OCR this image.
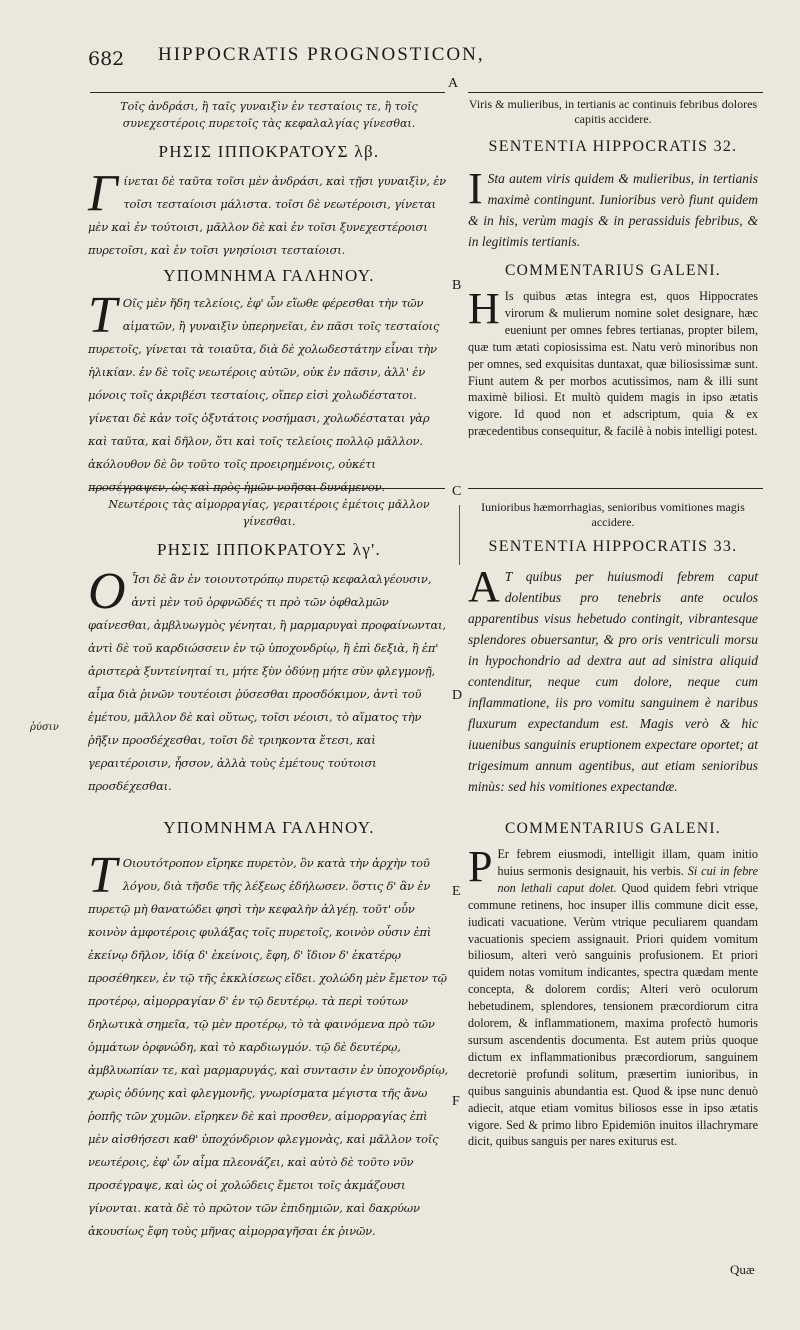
682 HIPPOCRATIS PROGNOSTICON,
A
B
C
D
E
F
ῥύσιν
Τοῖς ἀνδράσι, ἢ ταῖς γυναιξὶν ἐν τεσταίοις τε, ἢ τοῖς συνεχεστέροις πυρετοῖς τὰς κεφαλαλγίας γίνεσθαι.
ΡΗΣΙΣ ΙΠΠΟΚΡΑΤΟΥΣ λβ.
Γ ίνεται δὲ ταῦτα τοῖσι μὲν ἀνδράσι, καὶ τῇσι γυναιξὶν, ἐν τοῖσι τεσταίοισι μάλιστα. τοῖσι δὲ νεωτέροισι, γίνεται μὲν καὶ ἐν τούτοισι, μᾶλλον δὲ καὶ ἐν τοῖσι ξυνεχεστέροισι πυρετοῖσι, καὶ ἐν τοῖσι γνησίοισι τεσταίοισι.
ΥΠΟΜΝΗΜΑ ΓΑΛΗΝΟΥ.
T Οῖς μὲν ἤδη τελείοις, ἐφ' ὧν εἴωθε φέρεσθαι τὴν τῶν αἱματῶν, ἢ γυναιξὶν ὑπερηνεῖαι, ἐν πᾶσι τοῖς τεσταίοις πυρετοῖς, γίνεται τὰ τοιαῦτα, διὰ δὲ χολωδεστάτην εἶναι τὴν ἡλικίαν. ἐν δὲ τοῖς νεωτέροις αὐτῶν, οὐκ ἐν πᾶσιν, ἀλλ' ἐν μόνοις τοῖς ἀκριβέσι τεσταίοις, οἵπερ εἰσὶ χολωδέστατοι. γίνεται δὲ κἀν τοῖς ὀξυτάτοις νοσήμασι, χολωδέσταται γὰρ καὶ ταῦτα, καὶ δῆλον, ὅτι καὶ τοῖς τελείοις πολλῷ μᾶλλον. ἀκόλουθον δὲ ὂν τοῦτο τοῖς προειρημένοις, οὐκέτι προσέγραψεν, ὡς καὶ πρὸς ἡμῶν νοῆσαι δυνάμενον.
Νεωτέροις τὰς αἱμορραγίας, γεραιτέροις ἐμέτοις μᾶλλον γίνεσθαι.
ΡΗΣΙΣ ΙΠΠΟΚΡΑΤΟΥΣ λγ'.
O Ἷσι δὲ ἂν ἐν τοιουτοτρόπῳ πυρετῷ κεφαλαλγέουσιν, ἀντὶ μὲν τοῦ ὀρφνῶδές τι πρὸ τῶν ὀφθαλμῶν φαίνεσθαι, ἀμβλυωγμὸς γένηται, ἢ μαρμαρυγαὶ προφαίνωνται, ἀντὶ δὲ τοῦ καρδιώσσειν ἐν τῷ ὑποχονδρίῳ, ἢ ἐπὶ δεξιὰ, ἢ ἐπ' ἀριστερὰ ξυντείνηταί τι, μήτε ξὺν ὀδύνῃ μήτε σὺν φλεγμονῇ, αἷμα διὰ ῥινῶν τουτέοισι ῥύσεσθαι προσδόκιμον, ἀντὶ τοῦ ἐμέτου, μᾶλλον δὲ καὶ οὕτως, τοῖσι νέοισι, τὸ αἵματος τὴν ῥῆξιν προσδέχεσθαι, τοῖσι δὲ τριηκοντα ἔτεσι, καὶ γεραιτέροισιν, ἧσσον, ἀλλὰ τοὺς ἐμέτους τούτοισι προσδέχεσθαι.
ΥΠΟΜΝΗΜΑ ΓΑΛΗΝΟΥ.
T Οιουτότροπον εἴρηκε πυρετὸν, ὃν κατὰ τὴν ἀρχὴν τοῦ λόγου, διὰ τῆσδε τῆς λέξεως ἐδήλωσεν. ὅστις δ' ἂν ἐν πυρετῷ μὴ θανατώδει φησὶ τὴν κεφαλὴν ἀλγέῃ. τοῦτ' οὖν κοινὸν ἀμφοτέροις φυλάξας τοῖς πυρετοῖς, κοινὸν οὖσιν ἐπὶ ἐκείνῳ δῆλον, ἰδίᾳ δ' ἐκείνοις, ἔφη, δ' ἴδιον δ' ἑκατέρῳ προσέθηκεν, ἐν τῷ τῆς ἐκκλίσεως εἴδει. χολώδη μὲν ἔμετον τῷ προτέρῳ, αἱμορραγίαν δ' ἐν τῷ δευτέρῳ. τὰ περὶ τούτων δηλωτικὰ σημεῖα, τῷ μὲν προτέρῳ, τὸ τὰ φαινόμενα πρὸ τῶν ὀμμάτων ὀρφνώδη, καὶ τὸ καρδιωγμόν. τῷ δὲ δευτέρῳ, ἀμβλυωπίαν τε, καὶ μαρμαρυγάς, καὶ συντασιν ἐν ὑποχονδρίῳ, χωρὶς ὀδύνης καὶ φλεγμονῆς, γνωρίσματα μέγιστα τῆς ἄνω ῥοπῆς τῶν χυμῶν. εἴρηκεν δὲ καὶ προσθεν, αἱμορραγίας ἐπὶ μὲν αἰσθήσεσι καθ' ὑποχόνδριον φλεγμονὰς, καὶ μᾶλλον τοῖς νεωτέροις, ἐφ' ὧν αἷμα πλεονάζει, καὶ αὐτὸ δὲ τοῦτο νῦν προσέγραψε, καὶ ὡς οἱ χολώδεις ἔμετοι τοῖς ἀκμάζουσι γίνονται. κατὰ δὲ τὸ πρῶτον τῶν ἐπιδημιῶν, καὶ δακρύων ἀκουσίως ἔφη τοὺς μῆνας αἱμορραγῆσαι ἐκ ῥινῶν.
Viris & mulieribus, in tertianis ac continuis febribus dolores capitis accidere.
SENTENTIA HIPPOCRATIS 32.
I Sta autem viris quidem & mulieribus, in tertianis maximè contingunt. Iunioribus verò fiunt quidem & in his, verùm magis & in perassiduis febribus, & in legitimis tertianis.
COMMENTARIUS GALENI.
H Is quibus ætas integra est, quos Hippocrates virorum & mulierum nomine solet designare, hæc eueniunt per omnes febres tertianas, propter bilem, quæ tum ætati copiosissima est. Natu verò minoribus non per omnes, sed exquisitas duntaxat, quæ biliosissimæ sunt. Fiunt autem & per morbos acutissimos, nam & illi sunt maximè biliosi. Et multò quidem magis in ipso ætatis vigore. Id quod non et adscriptum, quia & ex præcedentibus consequitur, & facilè à nobis intelligi potest.
Iunioribus hæmorrhagias, senioribus vomitiones magis accidere.
SENTENTIA HIPPOCRATIS 33.
A T quibus per huiusmodi febrem caput dolentibus pro tenebris ante oculos apparentibus visus hebetudo contingit, vibrantesque splendores obuersantur, & pro oris ventriculi morsu in hypochondrio ad dextra aut ad sinistra aliquid contenditur, neque cum dolore, neque cum inflammatione, iis pro vomitu sanguinem è naribus fluxurum expectandum est. Magis verò & hic iuuenibus sanguinis eruptionem expectare oportet; at trigesimum annum agentibus, aut etiam senioribus minùs: sed his vomitiones expectandæ.
COMMENTARIUS GALENI.
P Er febrem eiusmodi, intelligit illam, quam initio huius sermonis designauit, his verbis. Si cui in febre non lethali caput dolet. Quod quidem febri vtrique commune retinens, hoc insuper illis commune dicit esse, iudicati vacuatione. Verùm vtrique peculiarem quandam vacuationis speciem assignauit. Priori quidem vomitum biliosum, alteri verò sanguinis profusionem. Et priori quidem notas vomitum indicantes, spectra quædam mente concepta, & dolorem cordis; Alteri verò oculorum hebetudinem, splendores, tensionem præcordiorum citra dolorem, & inflammationem, maxima profectò humoris sursum ascendentis documenta. Est autem priùs quoque dictum ex inflammationibus præcordiorum, sanguinem decretoriè profundi solitum, præsertim iunioribus, in quibus sanguinis abundantia est. Quod & ipse nunc denuò adiecit, atque etiam vomitus biliosos esse in ipso ætatis vigore. Sed & primo libro Epidemiōn inuitos illachrymare dicit, quibus sanguis per nares exiturus est.
Quæ
